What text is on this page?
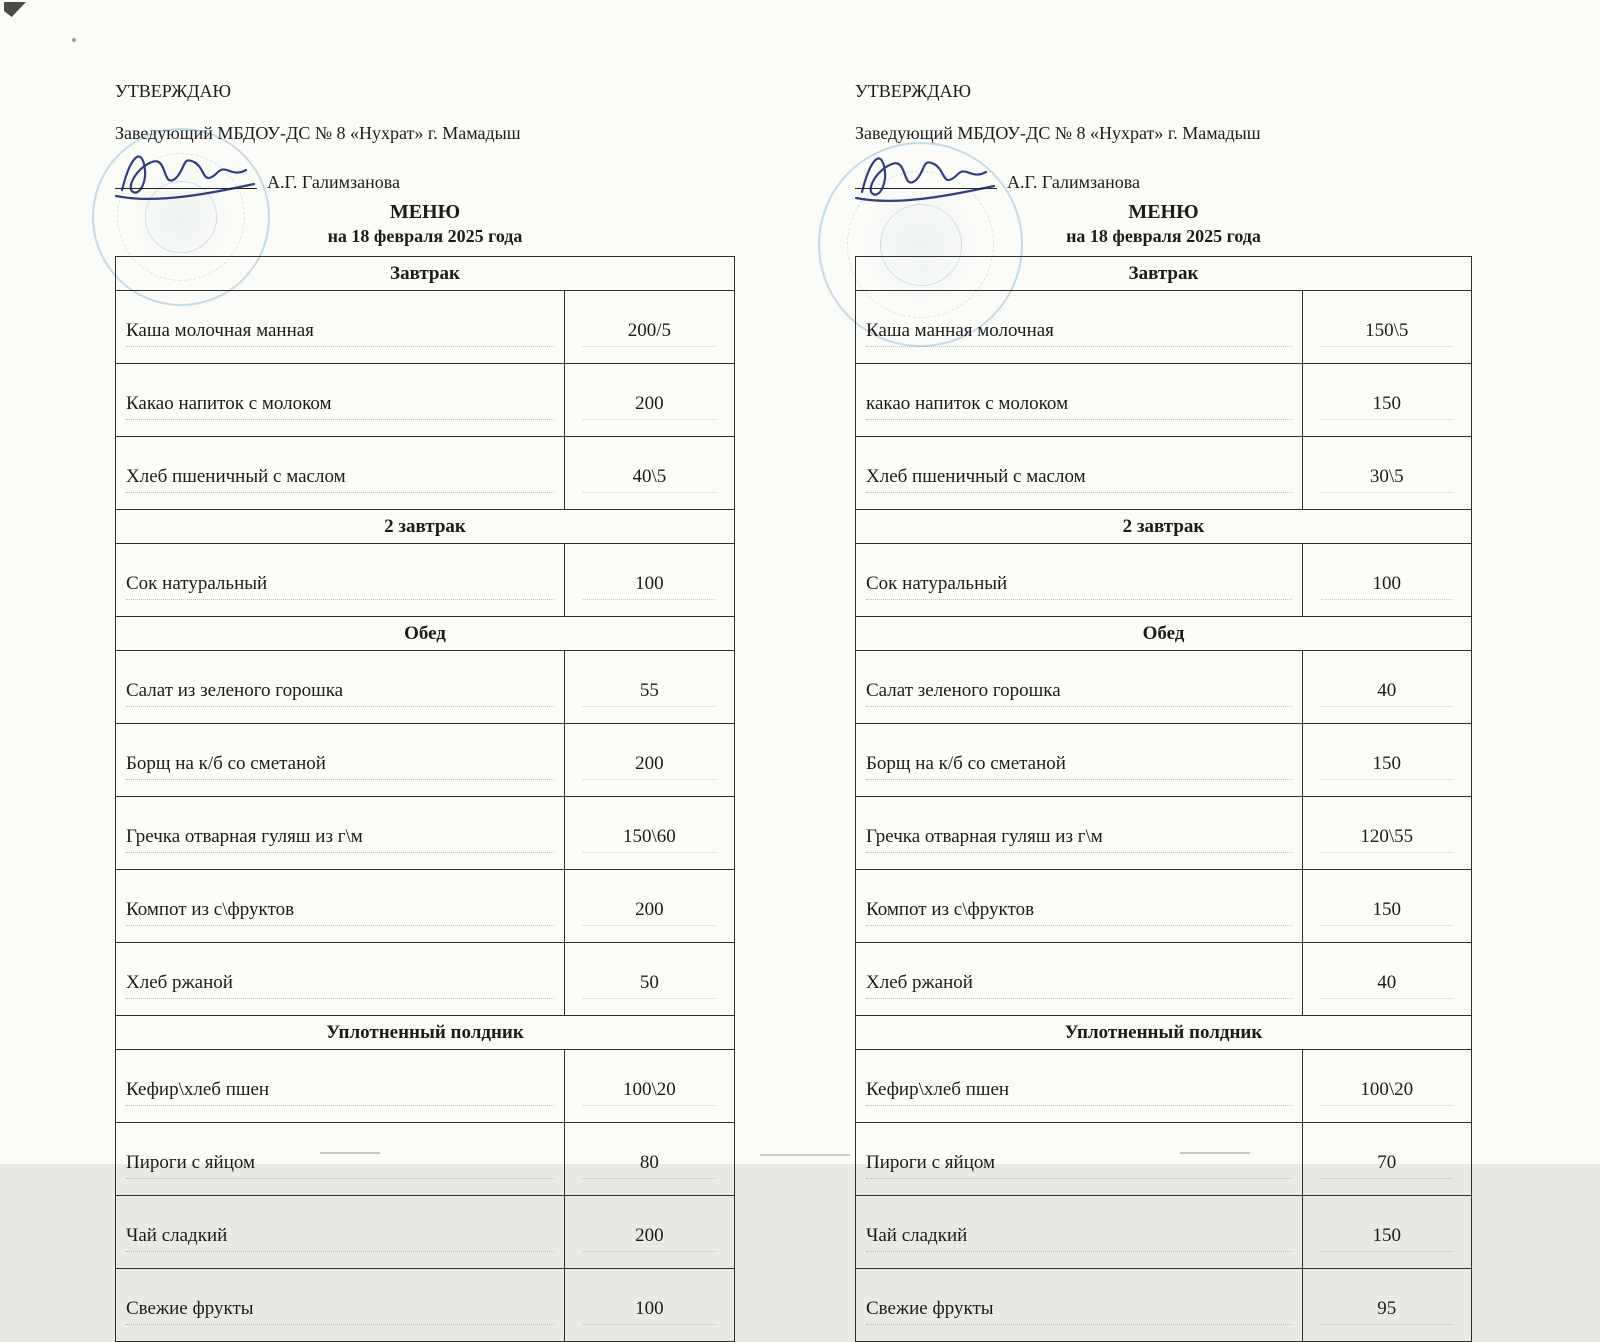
УТВЕРЖДАЮ
Заведующий МБДОУ-ДС № 8 «Нухрат» г. Мамадыш
А.Г. Галимзанова
МЕНЮ
на 18 февраля 2025 года
Завтрак	

Каша молочная манная	200/5

Какао напиток с молоком	200

Хлеб пшеничный с маслом	40\5

2 завтрак	

Сок натуральный	100

Обед	

Салат из зеленого горошка	55

Борщ на к/б со сметаной	200

Гречка отварная гуляш из г\м	150\60

Компот из с\фруктов	200

Хлеб ржаной	50

Уплотненный полдник	

Кефир\хлеб пшен	100\20

Пироги с яйцом	80

Чай сладкий	200

Свежие фрукты	100
УТВЕРЖДАЮ
Заведующий МБДОУ-ДС № 8 «Нухрат» г. Мамадыш
А.Г. Галимзанова
МЕНЮ
на 18 февраля 2025 года
Завтрак	

Каша манная молочная	150\5

какао напиток с молоком	150

Хлеб пшеничный с маслом	30\5

2 завтрак	

Сок натуральный	100

Обед	

Салат зеленого горошка	40

Борщ на к/б со сметаной	150

Гречка отварная гуляш из г\м	120\55

Компот из с\фруктов	150

Хлеб ржаной	40

Уплотненный полдник	

Кефир\хлеб пшен	100\20

Пироги с яйцом	70

Чай сладкий	150

Свежие фрукты	95
